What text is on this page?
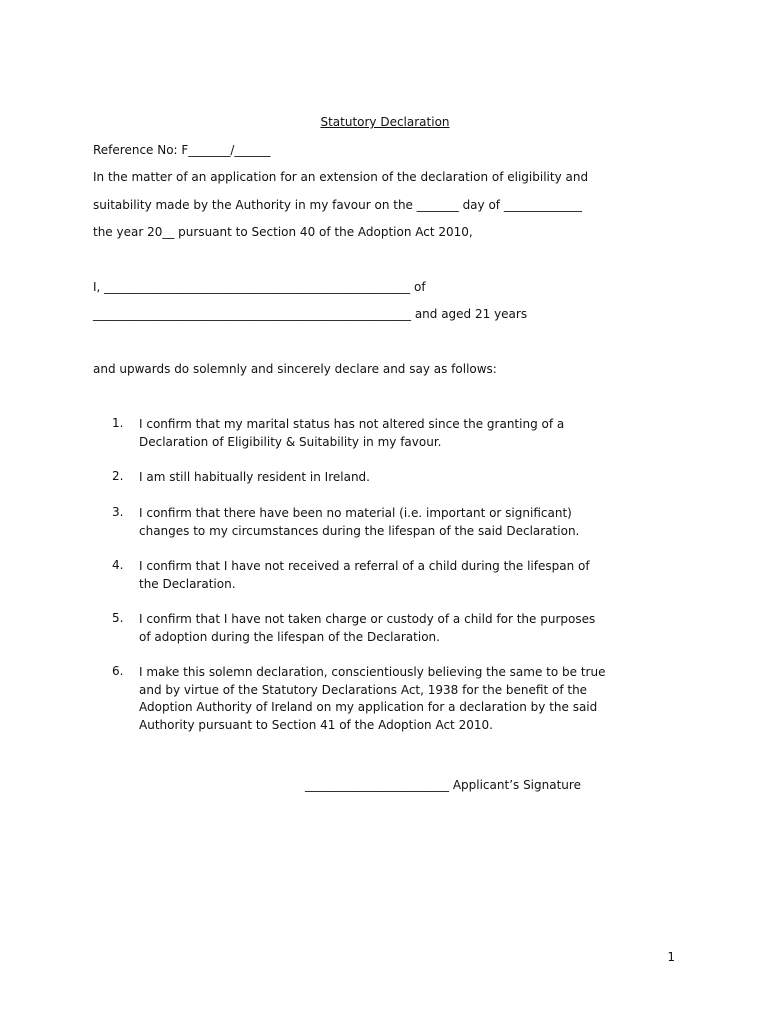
Statutory Declaration
Reference No: F_______/______
In the matter of an application for an extension of the declaration of eligibility and
suitability made by the Authority in my favour on the _______ day of _____________
the year 20__ pursuant to Section 40 of the Adoption Act 2010,
I, ___________________________________________________ of
_____________________________________________________ and aged 21 years
and upwards do solemnly and sincerely declare and say as follows:
1. I confirm that my marital status has not altered since the granting of a
Declaration of Eligibility & Suitability in my favour.
2. I am still habitually resident in Ireland.
3. I confirm that there have been no material (i.e. important or significant)
changes to my circumstances during the lifespan of the said Declaration.
4. I confirm that I have not received a referral of a child during the lifespan of
the Declaration.
5. I confirm that I have not taken charge or custody of a child for the purposes
of adoption during the lifespan of the Declaration.
6. I make this solemn declaration, conscientiously believing the same to be true
and by virtue of the Statutory Declarations Act, 1938 for the benefit of the
Adoption Authority of Ireland on my application for a declaration by the said
Authority pursuant to Section 41 of the Adoption Act 2010.
________________________ Applicant’s Signature
1
